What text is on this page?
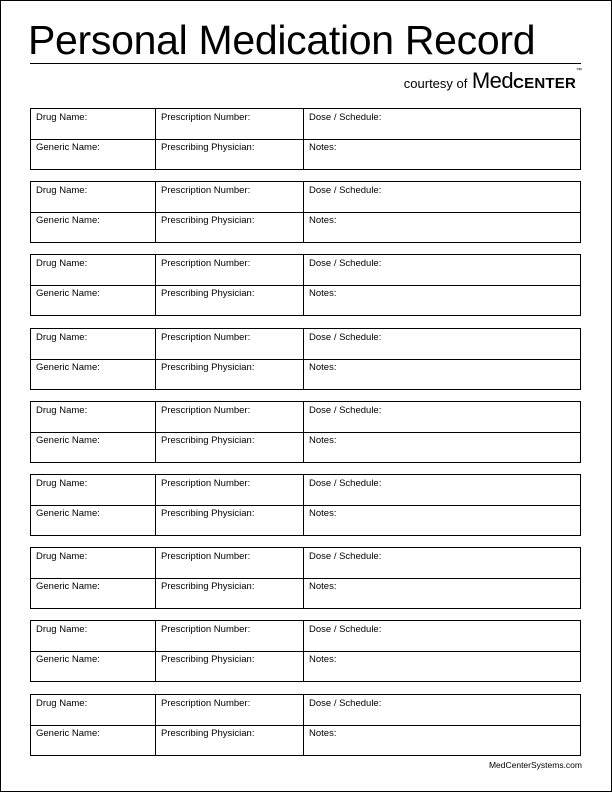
Personal Medication Record
courtesy of MedCENTER™
Drug Name:	Prescription Number:	Dose / Schedule:
Generic Name:	Prescribing Physician:	Notes:
Drug Name:	Prescription Number:	Dose / Schedule:
Generic Name:	Prescribing Physician:	Notes:
Drug Name:	Prescription Number:	Dose / Schedule:
Generic Name:	Prescribing Physician:	Notes:
Drug Name:	Prescription Number:	Dose / Schedule:
Generic Name:	Prescribing Physician:	Notes:
Drug Name:	Prescription Number:	Dose / Schedule:
Generic Name:	Prescribing Physician:	Notes:
Drug Name:	Prescription Number:	Dose / Schedule:
Generic Name:	Prescribing Physician:	Notes:
Drug Name:	Prescription Number:	Dose / Schedule:
Generic Name:	Prescribing Physician:	Notes:
Drug Name:	Prescription Number:	Dose / Schedule:
Generic Name:	Prescribing Physician:	Notes:
Drug Name:	Prescription Number:	Dose / Schedule:
Generic Name:	Prescribing Physician:	Notes:
MedCenterSystems.com
